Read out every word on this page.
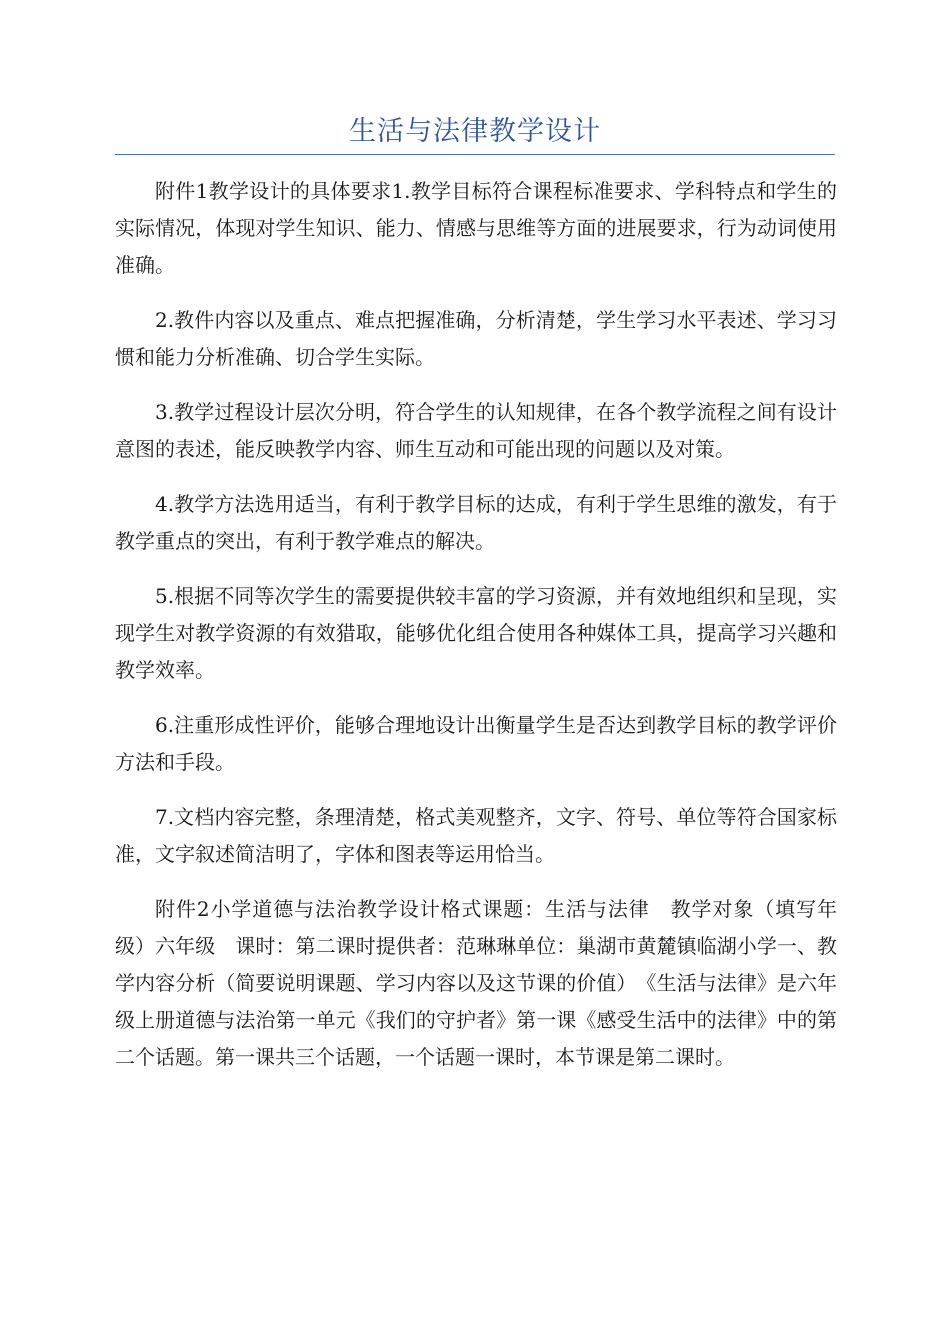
生活与法律教学设计

附件1教学设计的具体要求1.教学目标符合课程标准要求、学科特点和学生的实际情况，体现对学生知识、能力、情感与思维等方面的进展要求，行为动词使用准确。

2.教件内容以及重点、难点把握准确，分析清楚，学生学习水平表述、学习习惯和能力分析准确、切合学生实际。

3.教学过程设计层次分明，符合学生的认知规律，在各个教学流程之间有设计意图的表述，能反映教学内容、师生互动和可能出现的问题以及对策。

4.教学方法选用适当，有利于教学目标的达成，有利于学生思维的激发，有于教学重点的突出，有利于教学难点的解决。

5.根据不同等次学生的需要提供较丰富的学习资源，并有效地组织和呈现，实现学生对教学资源的有效猎取，能够优化组合使用各种媒体工具，提高学习兴趣和教学效率。

6.注重形成性评价，能够合理地设计出衡量学生是否达到教学目标的教学评价方法和手段。

7.文档内容完整，条理清楚，格式美观整齐，文字、符号、单位等符合国家标准，文字叙述简洁明了，字体和图表等运用恰当。

附件2小学道德与法治教学设计格式课题：生活与法律　教学对象（填写年级）六年级　课时：第二课时提供者：范琳琳单位：巢湖市黄麓镇临湖小学一、教学内容分析（简要说明课题、学习内容以及这节课的价值）　《生活与法律》是六年级上册道德与法治第一单元《我们的守护者》第一课《感受生活中的法律》中的第二个话题。第一课共三个话题，一个话题一课时，本节课是第二课时。
